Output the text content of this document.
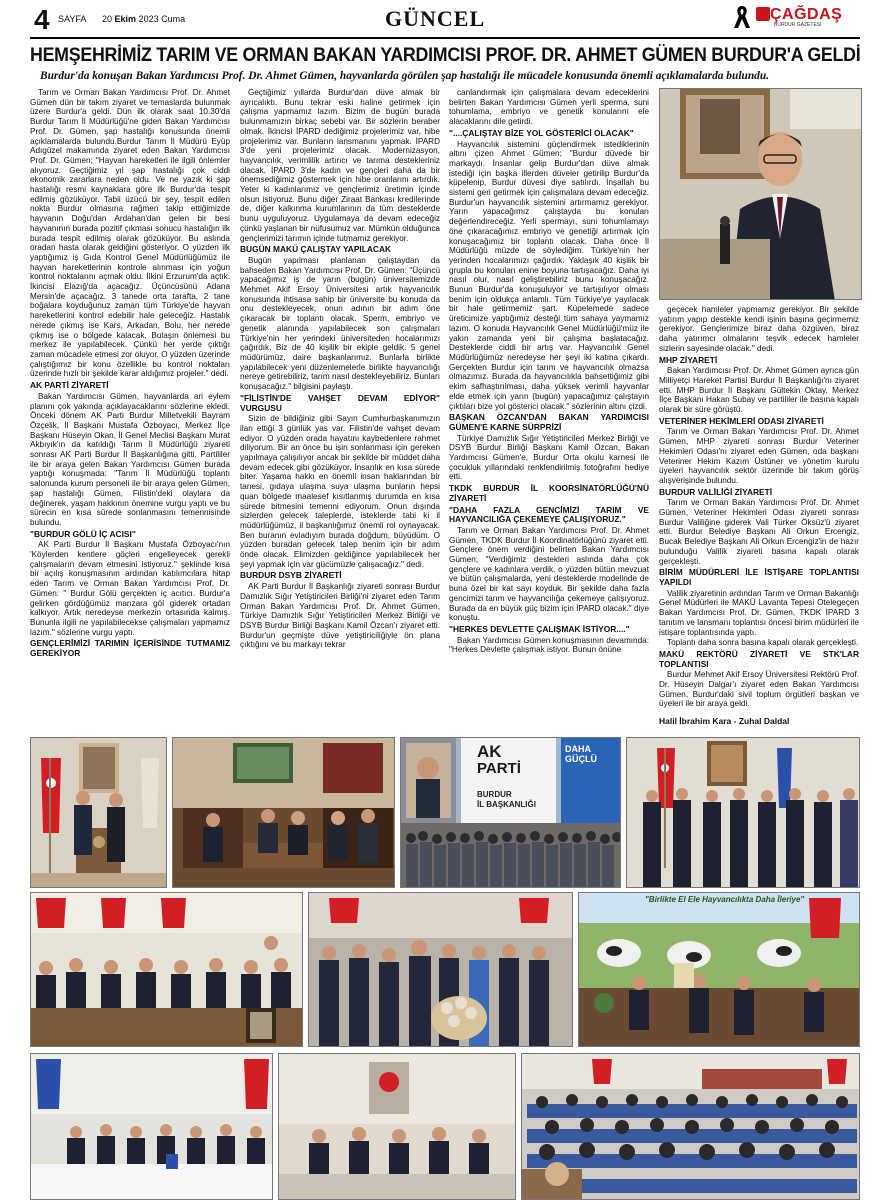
4 SAYFA 20 Ekim 2023 Cuma	GÜNCEL	ÇAĞDAŞ
BURDUR GAZETESİ
HEMŞEHRİMİZ TARIM VE ORMAN BAKAN YARDIMCISI PROF. DR. AHMET GÜMEN BURDUR'A GELDİ
Burdur'da konuşan Bakan Yardımcısı Prof. Dr. Ahmet Gümen, hayvanlarda görülen şap hastalığı ile mücadele konusunda önemli açıklamalarda bulundu.

Tarım ve Orman Bakan Yardımcısı Prof. Dr. Ahmet Gümen dün bir takım ziyaret ve temaslarda bulunmak üzere Burdur'a geldi. Dün ilk olarak saat 10.30'da Burdur Tarım İl Müdürlüğü'ne giden Bakan Yardımcısı Prof. Dr. Gümen, şap hastalığı konusunda önemli açıklamalarda bulundu.Burdur Tarım İl Müdürü Eyüp Adıgüzel makamında ziyaret eden Bakan Yardımcısı Prof. Dr. Gümen; "Hayvan hareketleri ile ilgili önlemler alıyoruz. Geçtiğimiz yıl şap hastalığı çok ciddi ekonomik zararlara neden oldu. Ve ne yazık ki şap hastalığı resmi kaynaklara göre ilk Burdur'da tespit edilmiş gözüküyor. Tabii üzücü bir şey, tespit edilen nokta Burdur olmasına rağmen takip ettiğimizde hayvanın Doğu'dan Ardahan'dan gelen bir besi hayvanının burada pozitif çıkması sonucu hastalığın ilk burada tespit edilmiş olarak gözüküyor. Bu aslında oradan hasta olarak geldiğini gösteriyor. O yüzden ilk yaptığımız iş Gıda Kontrol Genel Müdürlüğümüz ile hayvan hareketlerinin kontrole alınması için yoğun kontrol noktalarını açmak oldu. İlkini Erzurum'da açtık. İkincisi Elazığ'da açacağız. Üçüncüsünü Adana Mersin'de açacağız. 3 tanede orta tarafta, 2 tane boğalara koyduğunuz zaman tüm Türkiye'de hayvan hareketlerini kontrol edebilir hale geleceğiz. Hastalık nerede çıkmış ise Kars, Arkadan, Bolu, her nerede çıkmış ise o bölgede kalacak. Bulaşın önlemesi bu merkez ile yapılabilecek. Çünkü her yerde çıktığı zaman mücadele etmesi zor oluyor. O yüzden üzerinde çalıştığımız bir konu özellikle bu kontrol noktaları üzerinde hızlı bir şekilde karar aldığımız projeler." dedi.

AK PARTİ ZİYARETİ

Bakan Yardımcısı Gümen, hayvanlarda ari eylem planını çok yakında açıklayacaklarını sözlerine ekledi. Önceki dönem AK Parti Burdur Milletvekili Bayram Özçelik, İl Başkanı Mustafa Özboyacı, Merkez İlçe Başkanı Hüseyin Okan, İl Genel Meclisi Başkanı Murat Akbıyık'ın da katıldığı Tarım İl Müdürlüğü ziyareti sonrası AK Parti Burdur İl Başkanlığına gitti. Partililer ile bir araya gelen Bakan Yardımcısı Gümen burada yaptığı konuşmada: "Tarım İl Müdürlüğü toplantı salonunda kurum personeli ile bir araya gelen Gümen, şap hastalığı Gümen, Filistin'deki olaylara da değinerek, yaşam hakkının önemine vurgu yaptı ve bu sürecin en kısa sürede sonlanmasını temennisinde bulundu.

"BURDUR GÖLÜ İÇ ACISI"

AK Parti Burdur İl Başkanı Mustafa Özboyacı'nın 'Köylerden kentlere göçleri engelleyecek gerekli çalışmaların devam etmesini istiyoruz." şeklinde kısa bir açılış konuşmasının ardından katılımcılara hitap eden Tarım ve Orman Bakan Yardımcısı Prof. Dr. Gümen: " Burdur Gölü gerçekten iç acıtıcı. Burdur'a gelirken gördüğümüz manzara göl giderek ortadan kalkıyor. Artık neredeyse merkezin ortasında kalmış. Bununla ilgili ne yapılabilecekse çalışmaları yapmamız lazım." sözlerine vurgu yaptı.

GENÇLERİMİZİ TARIMIN İÇERİSİNDE TUTMAMIZ GEREKİYOR

Geçtiğimiz yıllarda Burdur'dan düve almak bir ayrıcalıktı. Bunu tekrar eski haline getirmek için çalışma yapmamız lazım. Bizim de bugün burada bulunmamızın birkaç sebebi var. Bir sözlerin beraber olmak. İkincisi İPARD dediğimiz projelerimiz var, hibe projelerimiz var. Bunların lansmanını yapmak. İPARD 3'de yeni projelerimiz olacak. Modernizasyon, hayvancılık, verimlilik artırıcı ve tarıma destekleriniz olacak. İPARD 3'de kadın ve gençleri daha da bir önemsediğimiz göstermek için hibe oranlarını artırdık. Yeter ki kadınlarımız ve gençlerimiz üretimin içinde olsun istiyoruz. Bunu diğer Ziraat Bankası kredilerinde de, diğer kalkınma kurumlarının da tüm desteklerde bunu uyguluyoruz. Uygulamaya da devam edeceğiz çünkü yaşlanan bir nüfusumuz var. Mümkün olduğunca gençlerimizi tarımın içinde tutmamız gerekiyor.

BUGÜN MAKÜ ÇALIŞTAY YAPILACAK

Bugün yapılması planlanan çalıştaydan da bahseden Bakan Yardımcısı Prof. Dr. Gümen: "Üçüncü yapacağımız iş de yarın (bugün) üniversitemizde Mehmet Akif Ersoy Üniversitesi artık hayvancılık konusunda ihtisasa sahip bir üniversite bu konuda da onu destekleyecek, onun adının bir adım öne çıkaracak bir toplantı olacak. Sperm, embriyo ve genetik alanında yapılabilecek son çalışmaları Türkiye'nin her yerindeki üniversiteden hocalarımızı çağırdık. Biz de 40 kişilik bir ekiple geldik. 5 genel müdürümüz, daire başkanlarımız. Bunlarla birlikte yapılabilecek yeni düzenlemelerle birlikte hayvancılığı nereye getirebiliriz, tarım nasıl destekleyebiliriz. Bunları konuşacağız." bilgisini paylaştı.

"FİLİSTİN'DE VAHŞET DEVAM EDİYOR" VURGUSU

Sizin de bildiğiniz gibi Sayın Cumhurbaşkanımızın ilan ettiği 3 günlük yas var. Filistin'de vahşet devam ediyor. O yüzden orada hayatını kaybedenlere rahmet diliyorum. Bir an önce bu işin sonlanması için gereken yapılmaya çalışılıyor ancak bir şekilde bir müddet daha devam edecek gibi gözüküyor. İnsanlık en kısa sürede biter. Yaşama hakkı en önemli insan haklarından bir tanesi, gıdaya ulaşma suya ulaşma bunların hepsi quan bölgede maalesef kısıtlanmış durumda en kısa sürede bitmesini temenni ediyorum. Onun dışında sizlerden gelecek taleplerde, isteklerde tabi ki il müdürlüğümüz, il başkanlığımız önemli rol oynayacak. Ben buranın evladıyım burada doğdum, büyüdüm. O yüzden buradan gelecek talep benim için bir adım önde olacak. Elimizden geldiğince yapılabilecek her şeyi yapmak için var gücümüzle çalışacağız." dedi.

BURDUR DSYB ZİYARETİ

AK Parti Burdur İl Başkanlığı ziyareti sonrası Burdur Damızlık Sığır Yetiştiricileri Birliği'ni ziyaret eden Tarım Orman Bakan Yardımcısı Prof. Dr. Ahmet Gümen, Türkiye Damızlık Sığır Yetiştiricileri Merkez Birliği ve DSYB Burdur Birliği Başkanı Kamil Özcan'ı ziyaret etti. Burdur'un geçmişte düve yetiştiriciliğiyle ön plana çıktığını ve bu markayı tekrar

canlandırmak için çalışmalara devam edeceklerini belirten Bakan Yardımcısı Gümen yerli sperma, suni tohumlama, embriyo ve genetik konularını ele alacaklarını dile getirdi.

"....ÇALIŞTAY BİZE YOL GÖSTERİCİ OLACAK"

Hayvancılık sistemini güçlendirmek istediklerinin altını çizen Ahmet Gümen; "Burdur düvede bir markaydı. İnsanlar gelip Burdur'dan düve almak istediği için başka illerden düveler getirilip Burdur'da küpelenip, Burdur düvesi diye satılırdı. İnşallah bu sistemi geri getirmek için çalışmalara devam edeceğiz. Burdur'un hayvancılık sistemini artırmamız gerekiyor. Yarın yapacağımız çalıştayda bu konuları değerlendireceğiz. Yerli spermayı, suni tohumlamayı öne çıkaracağımız embriyo ve genetiği artırmak için konuşacağımız bir toplantı olacak. Daha önce İl Müdürlüğü müzde de söylediğim. Türkiye'nin her yerinden hocalarımızı çağırdık. Yaklaşık 40 kişilik bir grupla bu konuları enine boyuna tartışacağız. Daha iyi nasıl olur, nasıl geliştirebiliriz bunu konuşacağız. Bunun Burdur'da konuşuluyor ve tartışılıyor olması benim için oldukça anlamlı. Tüm Türkiye'ye yayılacak bir hale getirmemiz şart. Küpelemede sadece üreticimize yaptığımız desteği tüm sahaya yaymamız lazım. O konuda Hayvancılık Genel Müdürlüğü'müz ile yakın zamanda yeni bir çalışma başlatacağız. Desteklerde ciddi bir artış var. Hayvancılık Genel Müdürlüğümüz neredeyse her şeyi iki katına çıkardı. Gerçekten Burdur için tarım ve hayvancılık olmazsa olmazımız. Burada da hayvancılıkla bahsettiğimiz gibi ekim safhaştırılması, daha yüksek verimli hayvanlar elde etmek için yarın (bugün) yapacağımız çalıştayın çıktıları bize yol gösterici olacak." sözlerinin altını çizdi.

BAŞKAN ÖZCAN'DAN BAKAN YARDIMCISI GÜMEN'E KARNE SÜRPRİZİ

Türkiye Damızlık Sığır Yetiştiricileri Merkez Birliği ve DSYB Burdur Birliği Başkanı Kamil Özcan, Bakan Yardımcısı Gümen'e, Burdur Orta okulu karnesi ile çocukluk yıllarındaki renklendirilmiş fotoğrafını hediye etti.

TKDK BURDUR İL KOORSİNATÖRLÜĞÜ'NÜ ZİYARETİ
"DAHA FAZLA GENCİMİZİ TARIM VE HAYVANCILIĞA ÇEKEMEYE ÇALIŞIYORUZ."

Tarım ve Orman Bakan Yardımcısı Prof. Dr. Ahmet Gümen, TKDK Burdur İl Koordinatörlüğünü ziyaret etti. Gençlere önem verdiğini belirten Bakan Yardımcısı Gümen; "Verdiğimiz destekleri aslında daha çok gençlere ve kadınlara verdik. o yüzden bütün mevzuat ve bütün çalışmalarda, yeni desteklerde modelinde de buna özel bir kat sayı koyduk. Bir şekilde daha fazla gencimizi tarım ve hayvancılığa çekemeye çalışıyoruz. Burada da en büyük güç bizim için İPARD olacak." diye konuştu.

"HERKES DEVLETTE ÇALIŞMAK İSTİYOR...."

Bakan Yardımcısı Gümen konuşmasının devamında: "Herkes Devlette çalışmak istiyor. Bunun önüne

geçecek hamleler yapmamız gerekiyor. Bir şekilde yatırım yapıp destekle kendi işinin başına geçirmemiz gerekiyor. Gençlerimize biraz daha özgüven, biraz daha yatırımcı olmalarını teşvik edecek hamleler sizlerin sayesinde olacak." dedi.

MHP ZİYARETİ

Bakan Yardımcısı Prof. Dr. Ahmet Gümen ayrıca gün Milliyetçi Hareket Partisi Burdur İl Başkanlığı'nı ziyaret etti. MHP Burdur İl Başkanı Gültekin Oktay, Merkez İlçe Başkanı Hakan Subay ve partililer ile basına kapalı olarak bir süre görüştü.

VETERİNER HEKİMLERİ ODASI ZİYARETİ

Tarım ve Orman Bakan Yardımcısı Prof. Dr. Ahmet Gümen, MHP ziyareti sonrası Burdur Veteriner Hekimleri Odası'nı ziyaret eden Gümen, oda başkanı Veteriner Hekim Kazım Üstüner ve yönetim kurulu üyeleri hayvancılık sektör üzerinde bir takım görüş alışverişinde bulundu.

BURDUR VALİLİĞİ ZİYARETİ

Tarım ve Orman Bakan Yardımcısı Prof. Dr. Ahmet Gümen, Veteriner Hekimleri Odası ziyareti sonrası Burdur Valiliğine giderek Vali Türker Öksüz'ü ziyaret etti. Burdur Belediye Başkanı Ali Orkun Ercengiz, Bucak Belediye Başkanı Ali Orkun Ercengiz'in de hazır bulunduğu Valilik ziyareti basına kapalı olarak gerçekleşti.

BİRİM MÜDÜRLERİ İLE İSTİŞARE TOPLANTISI YAPILDI

Valilik ziyaretinin ardından Tarım ve Orman Bakanlığı Genel Müdürleri ile MAKÜ Lavanta Tepesi Otelegeçen Bakan Yardımcısı Prof. Dr. Gümen, TKDK İPARD 3 tanıtım ve lansmanı toplantısı öncesi birim müdürleri ile istişare toplantısında yaptı.

Toplantı daha sonra basına kapalı olarak gerçekleşti.

MAKÜ REKTÖRÜ ZİYARETİ VE STK'LAR TOPLANTISI

Burdur Mehmet Akif Ersoy Üniversitesi Rektörü Prof. Dr. Hüseyin Dalgar'ı ziyaret eden Bakan Yardımcısı Gümen, Burdur'daki sivil toplum örgütleri başkan ve üyeleri ile bir araya geldi.

Halil İbrahim Kara - Zuhal Daldal
AK
PARTİ
BURDUR
İL BAŞKANLIĞI
DAHA GÜÇLÜ
"Birlikte El Ele Hayvancılıkta Daha İleriye"
